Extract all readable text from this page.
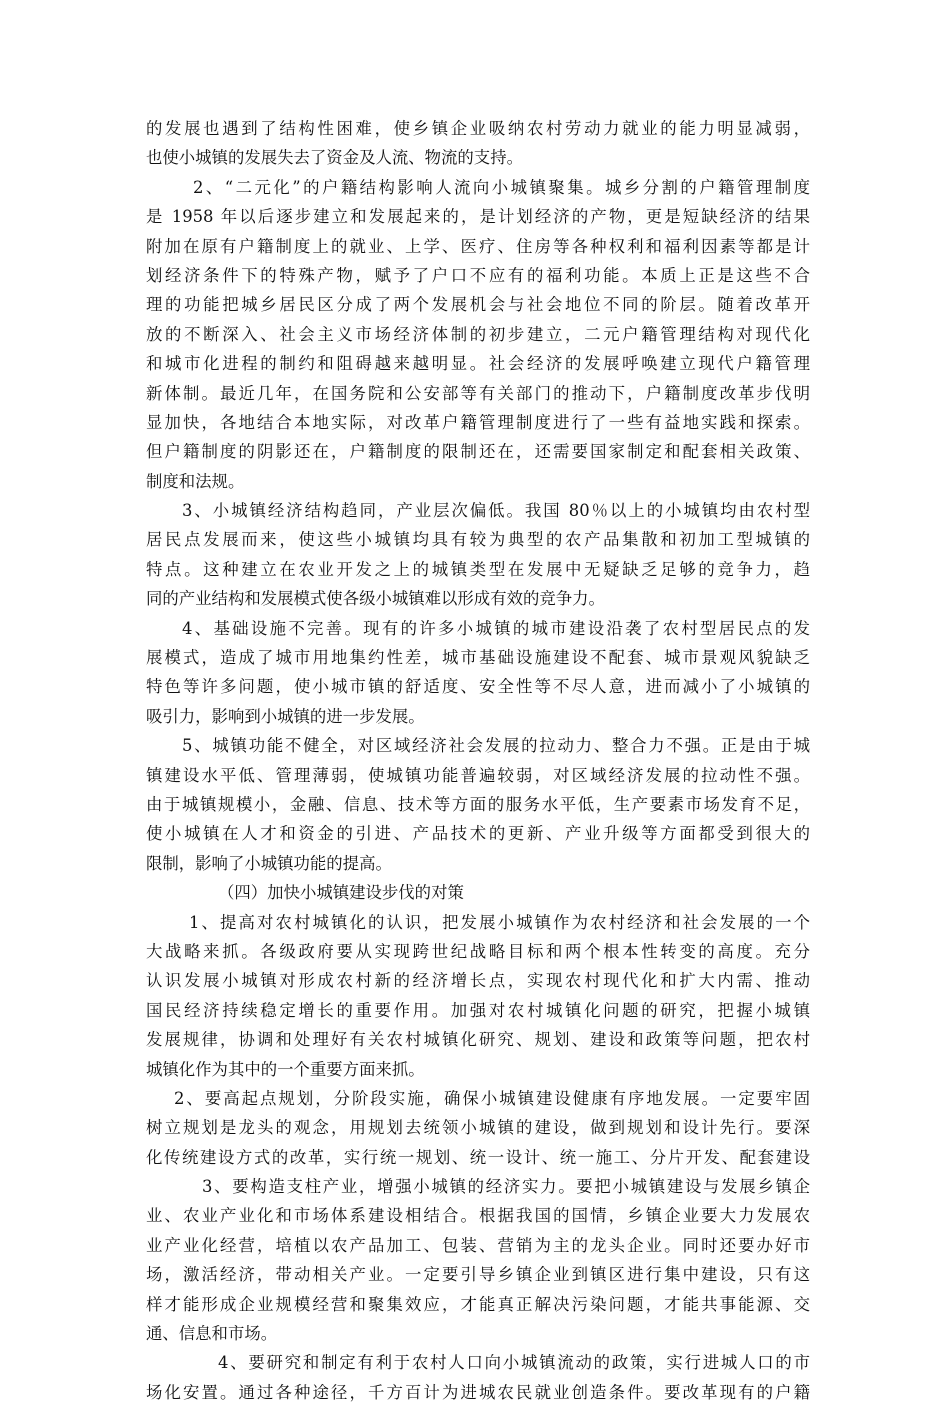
的发展也遇到了结构性困难，使乡镇企业吸纳农村劳动力就业的能力明显减弱，
也使小城镇的发展失去了资金及人流、物流的支持。
2、“二元化”的户籍结构影响人流向小城镇聚集。城乡分割的户籍管理制度
是 1958 年以后逐步建立和发展起来的，是计划经济的产物，更是短缺经济的结果
附加在原有户籍制度上的就业、上学、医疗、住房等各种权利和福利因素等都是计
划经济条件下的特殊产物，赋予了户口不应有的福利功能。本质上正是这些不合
理的功能把城乡居民区分成了两个发展机会与社会地位不同的阶层。随着改革开
放的不断深入、社会主义市场经济体制的初步建立，二元户籍管理结构对现代化
和城市化进程的制约和阻碍越来越明显。社会经济的发展呼唤建立现代户籍管理
新体制。最近几年，在国务院和公安部等有关部门的推动下，户籍制度改革步伐明
显加快，各地结合本地实际，对改革户籍管理制度进行了一些有益地实践和探索。
但户籍制度的阴影还在，户籍制度的限制还在，还需要国家制定和配套相关政策、
制度和法规。
3、小城镇经济结构趋同，产业层次偏低。我国 80％以上的小城镇均由农村型
居民点发展而来，使这些小城镇均具有较为典型的农产品集散和初加工型城镇的
特点。这种建立在农业开发之上的城镇类型在发展中无疑缺乏足够的竞争力，趋
同的产业结构和发展模式使各级小城镇难以形成有效的竞争力。
4、基础设施不完善。现有的许多小城镇的城市建设沿袭了农村型居民点的发
展模式，造成了城市用地集约性差，城市基础设施建设不配套、城市景观风貌缺乏
特色等许多问题，使小城市镇的舒适度、安全性等不尽人意，进而减小了小城镇的
吸引力，影响到小城镇的进一步发展。
5、城镇功能不健全，对区域经济社会发展的拉动力、整合力不强。正是由于城
镇建设水平低、管理薄弱，使城镇功能普遍较弱，对区域经济发展的拉动性不强。
由于城镇规模小，金融、信息、技术等方面的服务水平低，生产要素市场发育不足，
使小城镇在人才和资金的引进、产品技术的更新、产业升级等方面都受到很大的
限制，影响了小城镇功能的提高。
（四）加快小城镇建设步伐的对策
1、提高对农村城镇化的认识，把发展小城镇作为农村经济和社会发展的一个
大战略来抓。各级政府要从实现跨世纪战略目标和两个根本性转变的高度。充分
认识发展小城镇对形成农村新的经济增长点，实现农村现代化和扩大内需、推动
国民经济持续稳定增长的重要作用。加强对农村城镇化问题的研究，把握小城镇
发展规律，协调和处理好有关农村城镇化研究、规划、建设和政策等问题，把农村
城镇化作为其中的一个重要方面来抓。
2、要高起点规划，分阶段实施，确保小城镇建设健康有序地发展。一定要牢固
树立规划是龙头的观念，用规划去统领小城镇的建设，做到规划和设计先行。要深
化传统建设方式的改革，实行统一规划、统一设计、统一施工、分片开发、配套建设
3、要构造支柱产业，增强小城镇的经济实力。要把小城镇建设与发展乡镇企
业、农业产业化和市场体系建设相结合。根据我国的国情，乡镇企业要大力发展农
业产业化经营，培植以农产品加工、包装、营销为主的龙头企业。同时还要办好市
场，激活经济，带动相关产业。一定要引导乡镇企业到镇区进行集中建设，只有这
样才能形成企业规模经营和聚集效应，才能真正解决污染问题，才能共事能源、交
通、信息和市场。
4、要研究和制定有利于农村人口向小城镇流动的政策，实行进城人口的市
场化安置。通过各种途径，千方百计为进城农民就业创造条件。要改革现有的户籍
